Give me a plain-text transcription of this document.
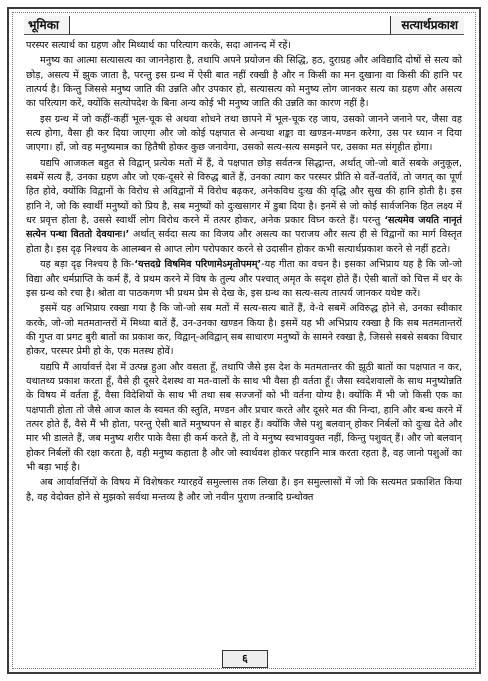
भूमिका	सत्यार्थप्रकाश

परस्पर सत्यार्थ का ग्रहण और मिथ्यार्थ का परित्याग करके, सदा आनन्द में रहें।

मनुष्य का आत्मा सत्यासत्य का जाननेहारा है, तथापि अपने प्रयोजन की सिद्धि, हठ, दुराग्रह और अविद्यादि दोषों से सत्य को छोड़, असत्य में झुक जाता है, परन्तु इस ग्रन्थ में ऐसी बात नहीं रक्खी है और न किसी का मन दुखाना वा किसी की हानि पर तात्पर्य है। किन्तु जिससे मनुष्य जाति की उन्नति और उपकार हो, सत्यासत्य को मनुष्य लोग जानकर सत्य का ग्रहण और असत्य का परित्याग करें, क्योंकि सत्योपदेश के बिना अन्य कोई भी मनुष्य जाति की उन्नति का कारण नहीं है।

इस ग्रन्थ में जो कहीं-कहीं भूल-चूक से अथवा शोधने तथा छापने में भूल-चूक रह जाय, उसको जानने जनाने पर, जैसा वह सत्य होगा, वैसा ही कर दिया जाएगा और जो कोई पक्षपात से अन्यथा शङ्का वा खण्डन-मण्डन करेगा, उस पर ध्यान न दिया जाएगा। हाँ, जो वह मनुष्यमात्र का हितैषी होकर कुछ जनावेगा, उसको सत्य-सत्य समझने पर, उसका मत संगृहीत होगा।

यद्यपि आजकल बहुत से विद्वान् प्रत्येक मतों में हैं, वे पक्षपात छोड़ सर्वतन्त्र सिद्धान्त, अर्थात् जो-जो बातें सबके अनुकूल, सबमें सत्य हैं, उनका ग्रहण और जो एक-दूसरे से विरुद्ध बातें हैं, उनका त्याग कर परस्पर प्रीति से वर्तें-वर्तावें, तो जगत् का पूर्ण हित होवे, क्योंकि विद्वानों के विरोध से अविद्वानों में विरोध बढ़कर, अनेकविध दुःख की वृद्धि और सुख की हानि होती है। इस हानि ने, जो कि स्वार्थी मनुष्यों को प्रिय है, सब मनुष्यों को दुःखसागर में डुबा दिया है। इनमें से जो कोई सार्वजनिक हित लक्ष्य में धर प्रवृत्त होता है, उससे स्वार्थी लोग विरोध करने में तत्पर होकर, अनेक प्रकार विघ्न करते हैं। परन्तु ‘सत्यमेव जयति नानृतं सत्येन पन्था विततो देवयानः।’ अर्थात् सर्वदा सत्य का विजय और असत्य का पराजय और सत्य ही से विद्वानों का मार्ग विस्तृत होता है। इस दृढ़ निश्चय के आलम्बन से आप्त लोग परोपकार करने से उदासीन होकर कभी सत्यार्थप्रकाश करने से नहीं हटते।

यह बड़ा दृढ़ निश्चय है कि-‘यत्तदग्रे विषमिव परिणामेऽमृतोपमम्’-यह गीता का वचन है। इसका अभिप्राय यह है कि जो-जो विद्या और धर्मप्राप्ति के कर्म हैं, वे प्रथम करने में विष के तुल्य और पश्चात् अमृत के सदृश होते हैं। ऐसी बातों को चित्त में धर के इस ग्रन्थ को रचा है। श्रोता वा पाठकगण भी प्रथम प्रेम से देख के, इस ग्रन्थ का सत्य-सत्य तात्पर्य जानकर यथेष्ट करें।

इसमें यह अभिप्राय रक्खा गया है कि जो-जो सब मतों में सत्य-सत्य बातें हैं, वे-वे सबमें अविरुद्ध होने से, उनका स्वीकार करके, जो-जो मतमतान्तरों में मिथ्या बातें हैं, उन-उनका खण्डन किया है। इसमें यह भी अभिप्राय रक्खा है कि सब मतमतान्तरों की गुप्त वा प्रगट बुरी बातों का प्रकाश कर, विद्वान्-अविद्वान् सब साधारण मनुष्यों के सामने रक्खा है, जिससे सबसे सबका विचार होकर, परस्पर प्रेमी हो के, एक मतस्थ होवें।

यद्यपि मैं आर्यावर्त्त देश में उत्पन्न हुआ और वसता हूँ, तथापि जैसे इस देश के मतमतान्तर की झूठी बातों का पक्षपात न कर, यथातथ्य प्रकाश करता हूँ, वैसे ही दूसरे देशस्थ वा मत-वालों के साथ भी वैसा ही वर्तता हूँ। जैसा स्वदेशवालों के साथ मनुष्योन्नति के विषय में वर्तता हूँ, वैसा विदेशियों के साथ भी तथा सब सज्जनों को भी वर्तना योग्य है। क्योंकि मैं भी जो किसी एक का पक्षपाती होता तो जैसे आज काल के स्वमत की स्तुति, मण्डन और प्रचार करते और दूसरे मत की निन्दा, हानि और बन्ध करने में तत्पर होते हैं, वैसे मैं भी होता, परन्तु ऐसी बातें मनुष्यपन से बाहर हैं। क्योंकि जैसे पशु बलवान् होकर निर्बलों को दुःख देते और मार भी डालते हैं, जब मनुष्य शरीर पाके वैसा ही कर्म करते हैं, तो वे मनुष्य स्वभावयुक्त नहीं, किन्तु पशुवत् हैं। और जो बलवान् होकर निर्बलों की रक्षा करता है, वही मनुष्य कहाता है और जो स्वार्थवश होकर परहानि मात्र करता रहता है, वह जानो पशुओं का भी बड़ा भाई है।

अब आर्यावर्त्तियों के विषय में विशेषकर ग्यारहवें समुल्लास तक लिखा है। इन समुल्लासों में जो कि सत्यमत प्रकाशित किया है, वह वेदोक्त होने से मुझको सर्वथा मन्तव्य है और जो नवीन पुराण तन्त्रादि ग्रन्थोक्त

६
